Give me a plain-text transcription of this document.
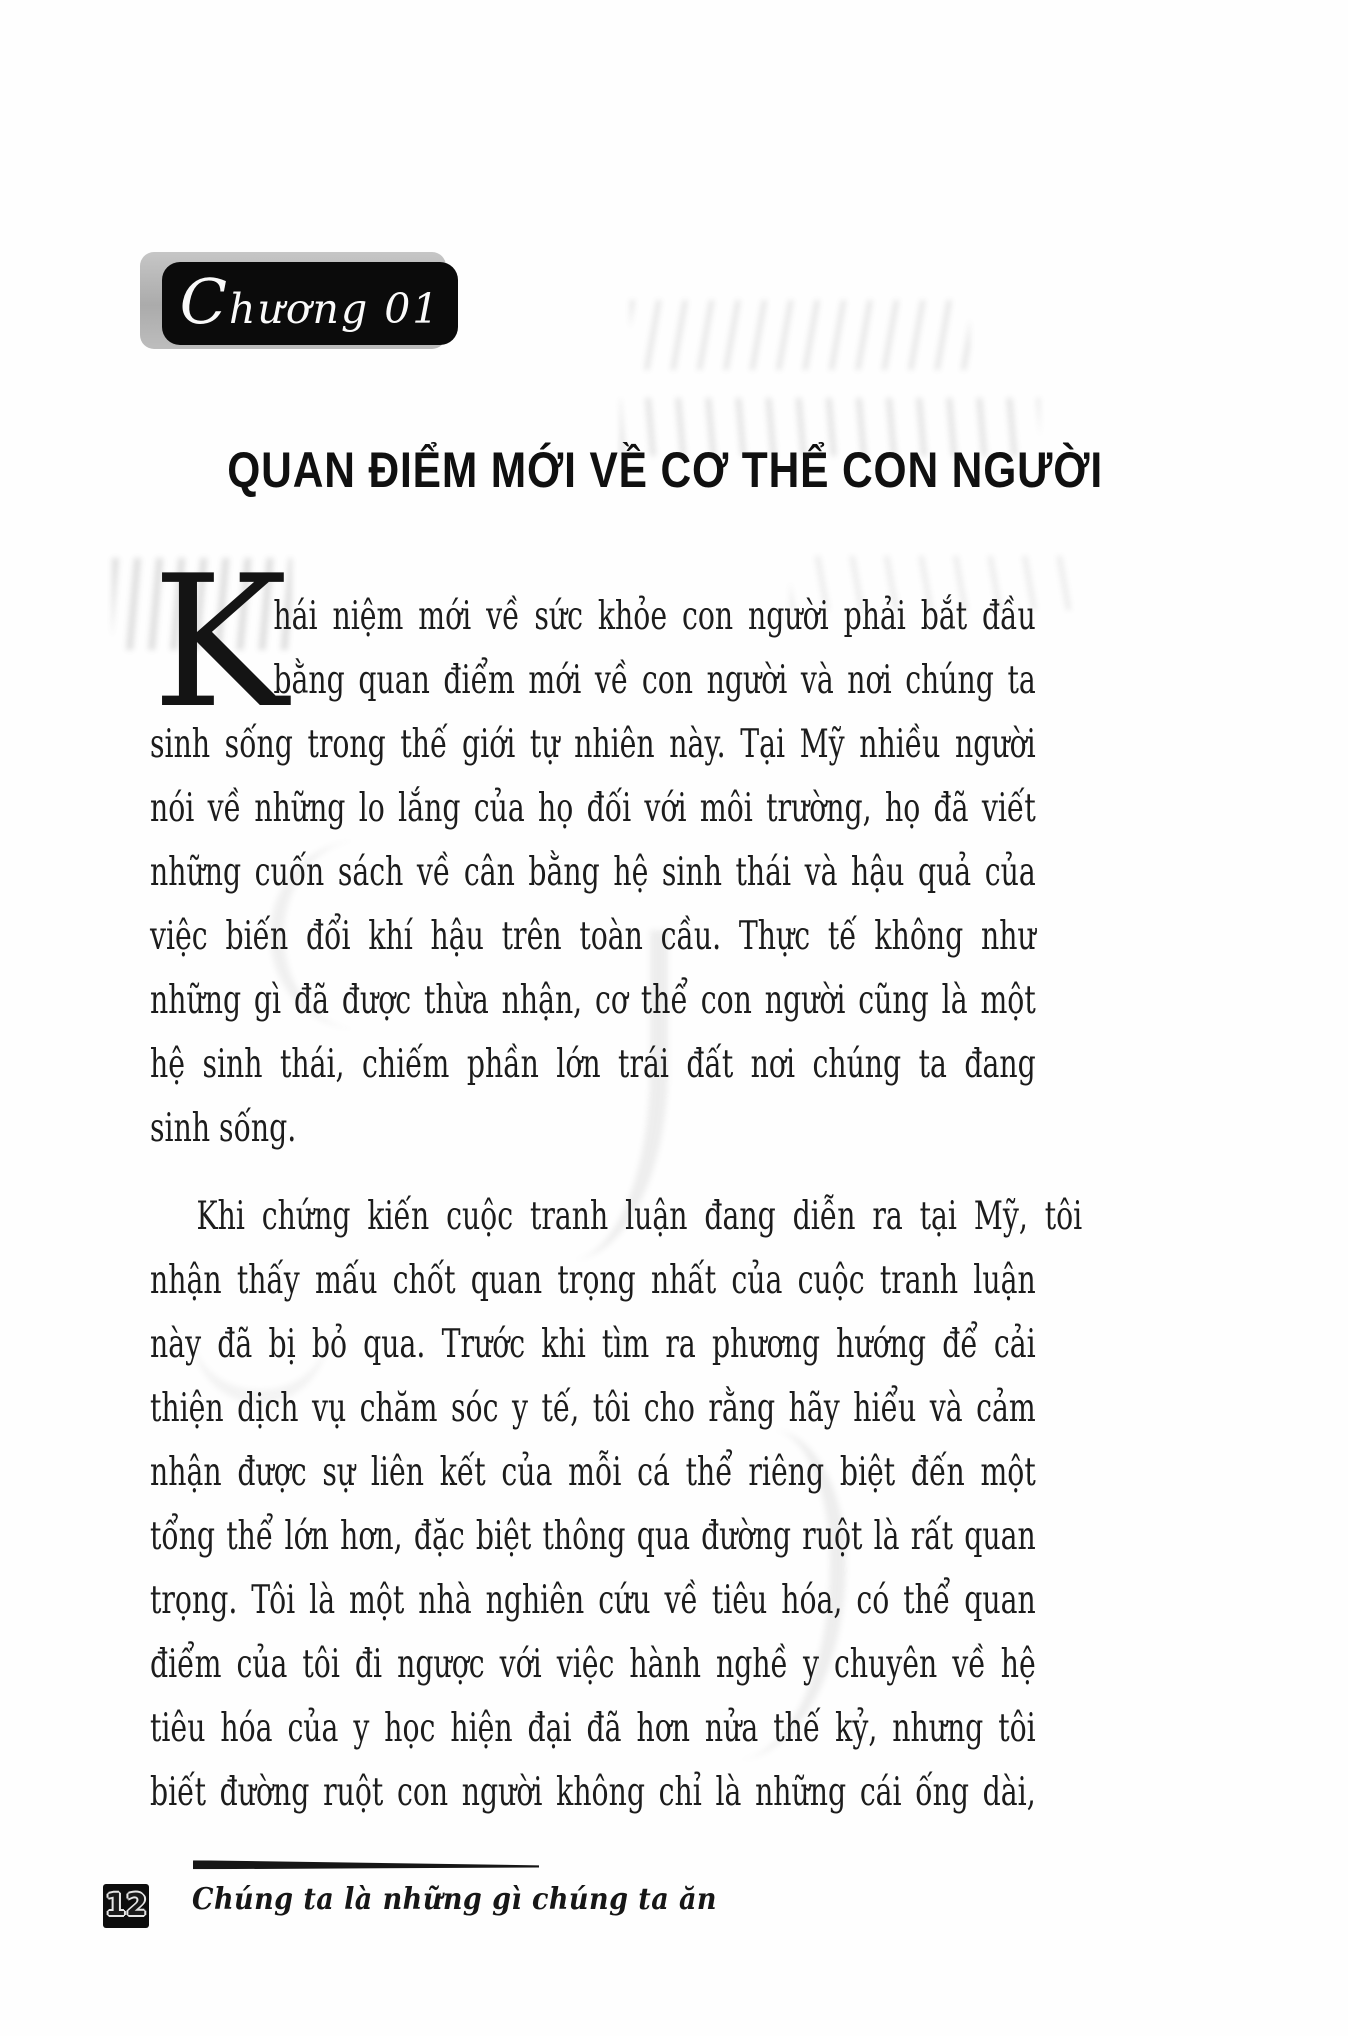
Chương 01
QUAN ĐIỂM MỚI VỀ CƠ THỂ CON NGƯỜI
K
hái niệm mới về sức khỏe con người phải bắt đầu
bằng quan điểm mới về con người và nơi chúng ta
sinh sống trong thế giới tự nhiên này. Tại Mỹ nhiều người
nói về những lo lắng của họ đối với môi trường, họ đã viết
những cuốn sách về cân bằng hệ sinh thái và hậu quả của
việc biến đổi khí hậu trên toàn cầu. Thực tế không như
những gì đã được thừa nhận, cơ thể con người cũng là một
hệ sinh thái, chiếm phần lớn trái đất nơi chúng ta đang
sinh sống.
Khi chứng kiến cuộc tranh luận đang diễn ra tại Mỹ, tôi
nhận thấy mấu chốt quan trọng nhất của cuộc tranh luận
này đã bị bỏ qua. Trước khi tìm ra phương hướng để cải
thiện dịch vụ chăm sóc y tế, tôi cho rằng hãy hiểu và cảm
nhận được sự liên kết của mỗi cá thể riêng biệt đến một
tổng thể lớn hơn, đặc biệt thông qua đường ruột là rất quan
trọng. Tôi là một nhà nghiên cứu về tiêu hóa, có thể quan
điểm của tôi đi ngược với việc hành nghề y chuyên về hệ
tiêu hóa của y học hiện đại đã hơn nửa thế kỷ, nhưng tôi
biết đường ruột con người không chỉ là những cái ống dài,
12 Chúng ta là những gì chúng ta ăn
